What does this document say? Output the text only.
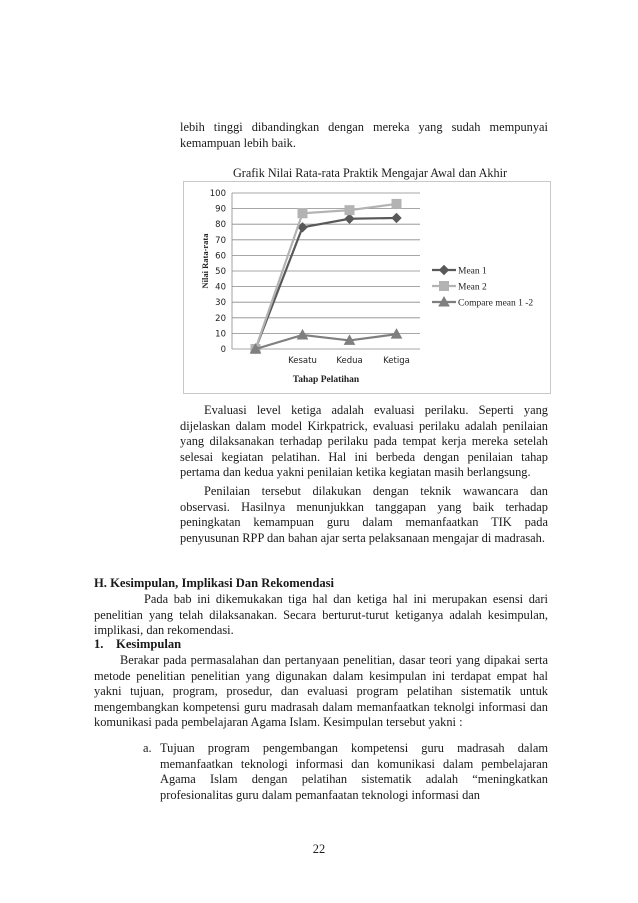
lebih tinggi dibandingkan dengan mereka yang sudah mempunyai kemampuan lebih baik.

Grafik Nilai Rata-rata Praktik Mengajar Awal dan Akhir
0
10
20
30
40
50
60
70
80
90
100
Kesatu Kedua Ketiga
Tahap Pelatihan
Nilai Rata-rata	Mean 1
Mean 2
Compare mean 1 -2

Evaluasi level ketiga adalah evaluasi perilaku. Seperti yang dijelaskan dalam model Kirkpatrick, evaluasi perilaku adalah penilaian yang dilaksanakan terhadap perilaku pada tempat kerja mereka setelah selesai kegiatan pelatihan. Hal ini berbeda dengan penilaian tahap pertama dan kedua yakni penilaian ketika kegiatan masih berlangsung.

Penilaian tersebut dilakukan dengan teknik wawancara dan observasi. Hasilnya menunjukkan tanggapan yang baik terhadap peningkatan kemampuan guru dalam memanfaatkan TIK pada penyusunan RPP dan bahan ajar serta pelaksanaan mengajar di madrasah.

H. Kesimpulan, Implikasi Dan Rekomendasi

Pada bab ini dikemukakan tiga hal dan ketiga hal ini merupakan esensi dari penelitian yang telah dilaksanakan. Secara berturut-turut ketiganya adalah kesimpulan, implikasi, dan rekomendasi.

1.    Kesimpulan

Berakar pada permasalahan dan pertanyaan penelitian, dasar teori yang dipakai serta metode penelitian penelitian yang digunakan dalam kesimpulan ini terdapat empat hal yakni tujuan, program, prosedur, dan evaluasi program pelatihan sistematik untuk mengembangkan kompetensi guru madrasah dalam memanfaatkan teknolgi informasi dan komunikasi pada pembelajaran Agama Islam. Kesimpulan tersebut yakni :

a. Tujuan program pengembangan kompetensi guru madrasah dalam memanfaatkan teknologi informasi dan komunikasi dalam pembelajaran Agama Islam dengan pelatihan sistematik adalah “meningkatkan profesionalitas guru dalam pemanfaatan teknologi informasi dan

22
